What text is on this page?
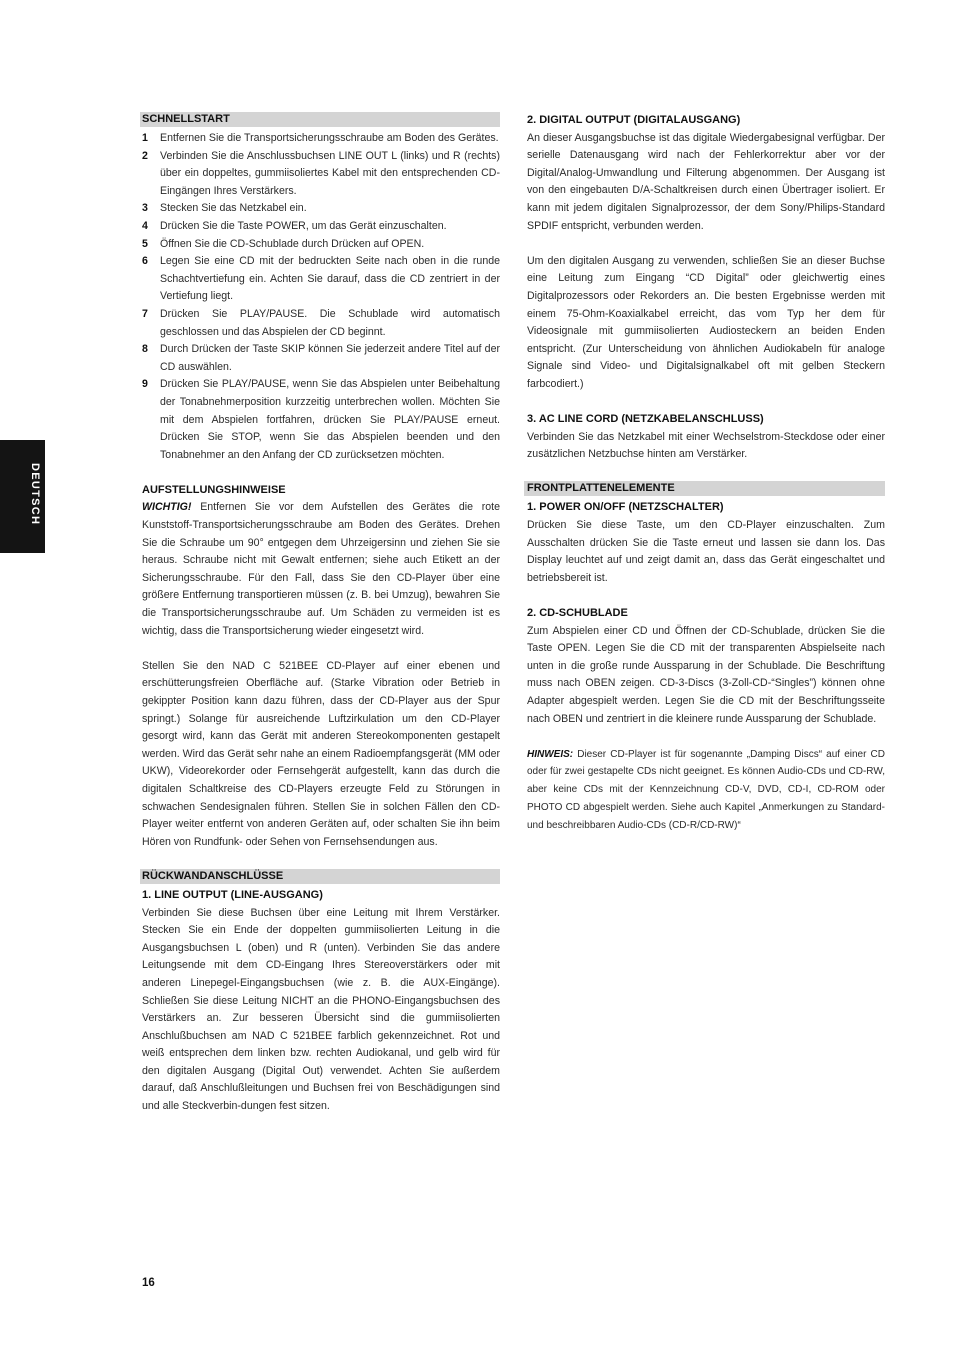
DEUTSCH
SCHNELLSTART
1	Entfernen Sie die Transportsicherungsschraube am Boden des Gerätes.
2	Verbinden Sie die Anschlussbuchsen LINE OUT L (links) und R (rechts) über ein doppeltes, gummiisoliertes Kabel mit den entsprechenden CD-Eingängen Ihres Verstärkers.
3	Stecken Sie das Netzkabel ein.
4	Drücken Sie die Taste POWER, um das Gerät einzuschalten.
5	Öffnen Sie die CD-Schublade durch Drücken auf OPEN.
6	Legen Sie eine CD mit der bedruckten Seite nach oben in die runde Schachtvertiefung ein. Achten Sie darauf, dass die CD zentriert in der Vertiefung liegt.
7	Drücken Sie PLAY/PAUSE. Die Schublade wird automatisch geschlossen und das Abspielen der CD beginnt.
8	Durch Drücken der Taste SKIP können Sie jederzeit andere Titel auf der CD auswählen.
9	Drücken Sie PLAY/PAUSE, wenn Sie das Abspielen unter Beibehaltung der Tonabnehmerposition kurzzeitig unterbrechen wollen. Möchten Sie mit dem Abspielen fortfahren, drücken Sie PLAY/PAUSE erneut. Drücken Sie STOP, wenn Sie das Abspielen beenden und den Tonabnehmer an den Anfang der CD zurücksetzen möchten.
AUFSTELLUNGSHINWEISE

WICHTIG! Entfernen Sie vor dem Aufstellen des Gerätes die rote Kunststoff-Transportsicherungsschraube am Boden des Gerätes. Drehen Sie die Schraube um 90° entgegen dem Uhrzeigersinn und ziehen Sie sie heraus. Schraube nicht mit Gewalt entfernen; siehe auch Etikett an der Sicherungsschraube. Für den Fall, dass Sie den CD-Player über eine größere Entfernung transportieren müssen (z. B. bei Umzug), bewahren Sie die Transportsicherungsschraube auf. Um Schäden zu vermeiden ist es wichtig, dass die Transportsicherung wieder eingesetzt wird.

Stellen Sie den NAD C 521BEE CD-Player auf einer ebenen und erschütterungsfreien Oberfläche auf. (Starke Vibration oder Betrieb in gekippter Position kann dazu führen, dass der CD-Player aus der Spur springt.) Solange für ausreichende Luftzirkulation um den CD-Player gesorgt wird, kann das Gerät mit anderen Stereokomponenten gestapelt werden. Wird das Gerät sehr nahe an einem Radioempfangsgerät (MM oder UKW), Videorekorder oder Fernsehgerät aufgestellt, kann das durch die digitalen Schaltkreise des CD-Players erzeugte Feld zu Störungen in schwachen Sendesignalen führen. Stellen Sie in solchen Fällen den CD-Player weiter entfernt von anderen Geräten auf, oder schalten Sie ihn beim Hören von Rundfunk- oder Sehen von Fernsehsendungen aus.

RÜCKWANDANSCHLÜSSE
1. LINE OUTPUT (LINE-AUSGANG)

Verbinden Sie diese Buchsen über eine Leitung mit Ihrem Verstärker. Stecken Sie ein Ende der doppelten gummiisolierten Leitung in die Ausgangsbuchsen L (oben) und R (unten). Verbinden Sie das andere Leitungsende mit dem CD-Eingang Ihres Stereoverstärkers oder mit anderen Linepegel-Eingangsbuchsen (wie z. B. die AUX-Eingänge). Schließen Sie diese Leitung NICHT an die PHONO-Eingangsbuchsen des Verstärkers an. Zur besseren Übersicht sind die gummiisolierten Anschlußbuchsen am NAD C 521BEE farblich gekennzeichnet. Rot und weiß entsprechen dem linken bzw. rechten Audiokanal, und gelb wird für den digitalen Ausgang (Digital Out) verwendet. Achten Sie außerdem darauf, daß Anschlußleitungen und Buchsen frei von Beschädigungen sind und alle Steckverbin-dungen fest sitzen.

2. DIGITAL OUTPUT (DIGITALAUSGANG)

An dieser Ausgangsbuchse ist das digitale Wiedergabesignal verfügbar. Der serielle Datenausgang wird nach der Fehlerkorrektur aber vor der Digital/Analog-Umwandlung und Filterung abgenommen. Der Ausgang ist von den eingebauten D/A-Schaltkreisen durch einen Übertrager isoliert. Er kann mit jedem digitalen Signalprozessor, der dem Sony/Philips-Standard SPDIF entspricht, verbunden werden.

Um den digitalen Ausgang zu verwenden, schließen Sie an dieser Buchse eine Leitung zum Eingang “CD Digital” oder gleichwertig eines Digitalprozessors oder Rekorders an. Die besten Ergebnisse werden mit einem 75-Ohm-Koaxialkabel erreicht, das vom Typ her dem für Videosignale mit gummiisolierten Audiosteckern an beiden Enden entspricht. (Zur Unterscheidung von ähnlichen Audiokabeln für analoge Signale sind Video- und Digitalsignalkabel oft mit gelben Steckern farbcodiert.)

3. AC LINE CORD (NETZKABELANSCHLUSS)

Verbinden Sie das Netzkabel mit einer Wechselstrom-Steckdose oder einer zusätzlichen Netzbuchse hinten am Verstärker.

FRONTPLATTENELEMENTE
1. POWER ON/OFF (NETZSCHALTER)

Drücken Sie diese Taste, um den CD-Player einzuschalten. Zum Ausschalten drücken Sie die Taste erneut und lassen sie dann los. Das Display leuchtet auf und zeigt damit an, dass das Gerät eingeschaltet und betriebsbereit ist.

2. CD-SCHUBLADE

Zum Abspielen einer CD und Öffnen der CD-Schublade, drücken Sie die Taste OPEN. Legen Sie die CD mit der transparenten Abspielseite nach unten in die große runde Aussparung in der Schublade. Die Beschriftung muss nach OBEN zeigen. CD-3-Discs (3-Zoll-CD-“Singles”) können ohne Adapter abgespielt werden. Legen Sie die CD mit der Beschriftungsseite nach OBEN und zentriert in die kleinere runde Aussparung der Schublade.

HINWEIS: Dieser CD-Player ist für sogenannte „Damping Discs“ auf einer CD oder für zwei gestapelte CDs nicht geeignet. Es können Audio-CDs und CD-RW, aber keine CDs mit der Kennzeichnung CD-V, DVD, CD-I, CD-ROM oder PHOTO CD abgespielt werden. Siehe auch Kapitel „Anmerkungen zu Standard- und beschreibbaren Audio-CDs (CD-R/CD-RW)“

16
